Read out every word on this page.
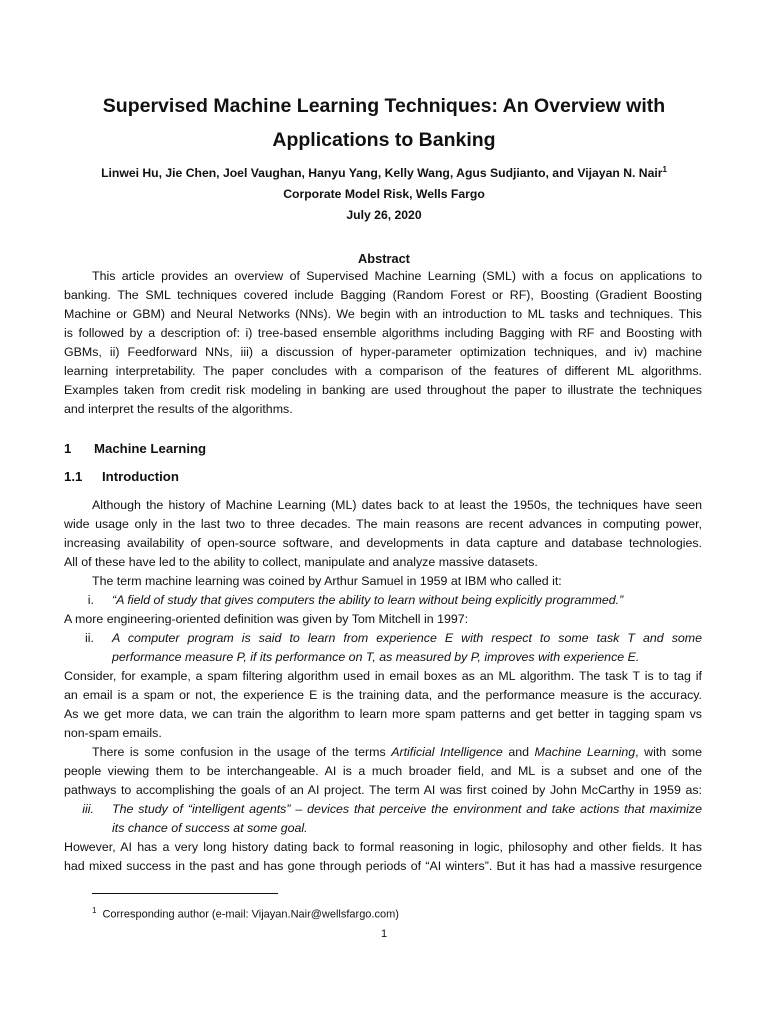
Supervised Machine Learning Techniques: An Overview with
Applications to Banking
Linwei Hu, Jie Chen, Joel Vaughan, Hanyu Yang, Kelly Wang, Agus Sudjianto, and Vijayan N. Nair$^1$
Corporate Model Risk, Wells Fargo
July 26, 2020
Abstract
This article provides an overview of Supervised Machine Learning (SML) with a focus on applications to
banking. The SML techniques covered include Bagging (Random Forest or RF), Boosting (Gradient Boosting
Machine or GBM) and Neural Networks (NNs). We begin with an introduction to ML tasks and techniques. This
is followed by a description of: i) tree-based ensemble algorithms including Bagging with RF and Boosting with
GBMs, ii) Feedforward NNs, iii) a discussion of hyper-parameter optimization techniques, and iv) machine
learning interpretability. The paper concludes with a comparison of the features of different ML algorithms.
Examples taken from credit risk modeling in banking are used throughout the paper to illustrate the techniques
and interpret the results of the algorithms.
1 Machine Learning
1.1 Introduction
Although the history of Machine Learning (ML) dates back to at least the 1950s, the techniques have seen
wide usage only in the last two to three decades. The main reasons are recent advances in computing power,
increasing availability of open-source software, and developments in data capture and database technologies.
All of these have led to the ability to collect, manipulate and analyze massive datasets.
The term machine learning was coined by Arthur Samuel in 1959 at IBM who called it:
i. “A field of study that gives computers the ability to learn without being explicitly programmed.”
A more engineering-oriented definition was given by Tom Mitchell in 1997:
ii. A computer program is said to learn from experience E with respect to some task T and some
performance measure P, if its performance on T, as measured by P, improves with experience E.
Consider, for example, a spam filtering algorithm used in email boxes as an ML algorithm. The task T is to tag if
an email is a spam or not, the experience E is the training data, and the performance measure is the accuracy.
As we get more data, we can train the algorithm to learn more spam patterns and get better in tagging spam vs
non-spam emails.
There is some confusion in the usage of the terms Artificial Intelligence and Machine Learning, with some
people viewing them to be interchangeable. AI is a much broader field, and ML is a subset and one of the
pathways to accomplishing the goals of an AI project. The term AI was first coined by John McCarthy in 1959 as:
iii. The study of “intelligent agents” – devices that perceive the environment and take actions that maximize
its chance of success at some goal.
However, AI has a very long history dating back to formal reasoning in logic, philosophy and other fields. It has
had mixed success in the past and has gone through periods of “AI winters”. But it has had a massive resurgence
$^1$ Corresponding author (e-mail: Vijayan.Nair@wellsfargo.com)
1
